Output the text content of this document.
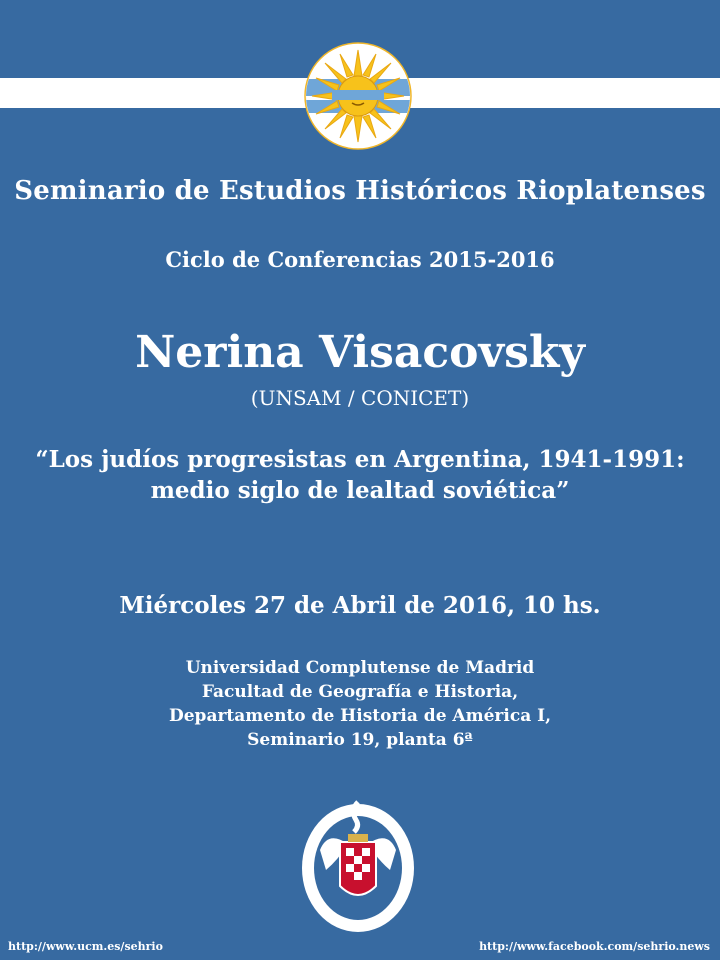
Seminario de Estudios Históricos Rioplatenses

Ciclo de Conferencias 2015-2016

Nerina Visacovsky

(UNSAM / CONICET)

“Los judíos progresistas en Argentina, 1941-1991:
medio siglo de lealtad soviética”

Miércoles 27 de Abril de 2016, 10 hs.

Universidad Complutense de Madrid
Facultad de Geografía e Historia,
Departamento de Historia de América I,
Seminario 19, planta 6ª
http://www.ucm.es/sehrio	http://www.facebook.com/sehrio.news
